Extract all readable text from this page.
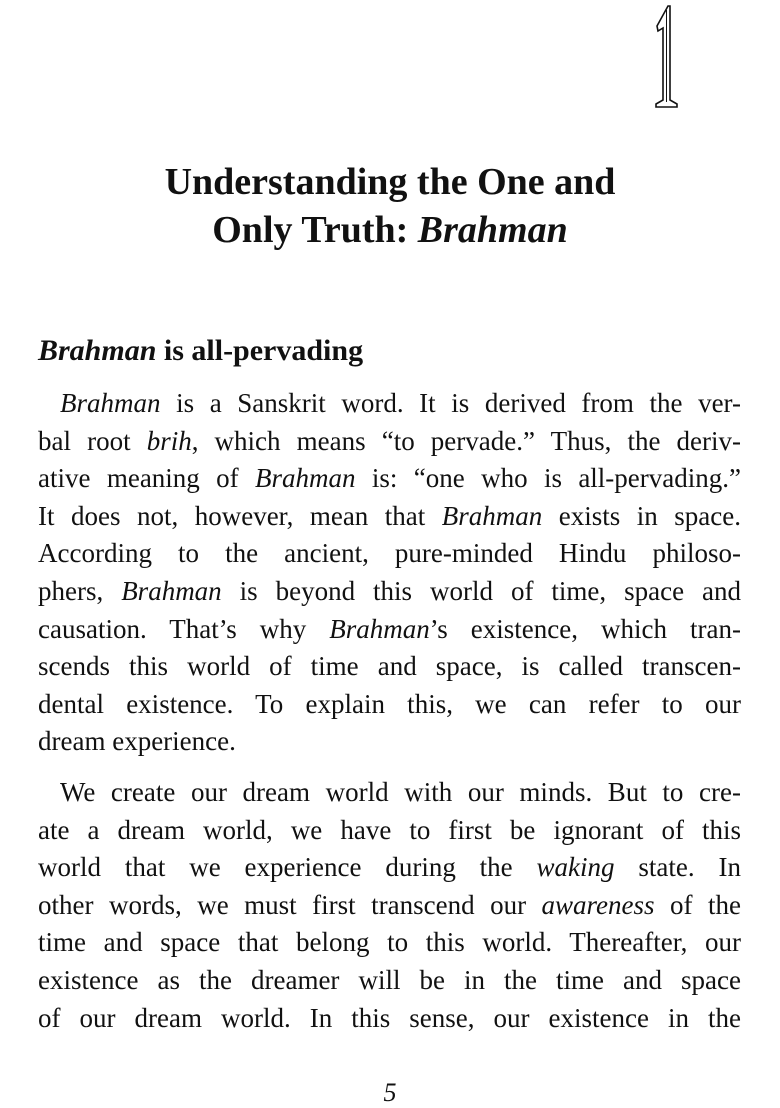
Understanding the One and
Only Truth: Brahman
Brahman is all-pervading
Brahman is a Sanskrit word. It is derived from the ver-
bal root brih, which means “to pervade.” Thus, the deriv-
ative meaning of Brahman is: “one who is all-pervading.”
It does not, however, mean that Brahman exists in space.
According to the ancient, pure-minded Hindu philoso-
phers, Brahman is beyond this world of time, space and
causation. That’s why Brahman’s existence, which tran-
scends this world of time and space, is called transcen-
dental existence. To explain this, we can refer to our
dream experience.
We create our dream world with our minds. But to cre-
ate a dream world, we have to first be ignorant of this
world that we experience during the waking state. In
other words, we must first transcend our awareness of the
time and space that belong to this world. Thereafter, our
existence as the dreamer will be in the time and space
of our dream world. In this sense, our existence in the
5
